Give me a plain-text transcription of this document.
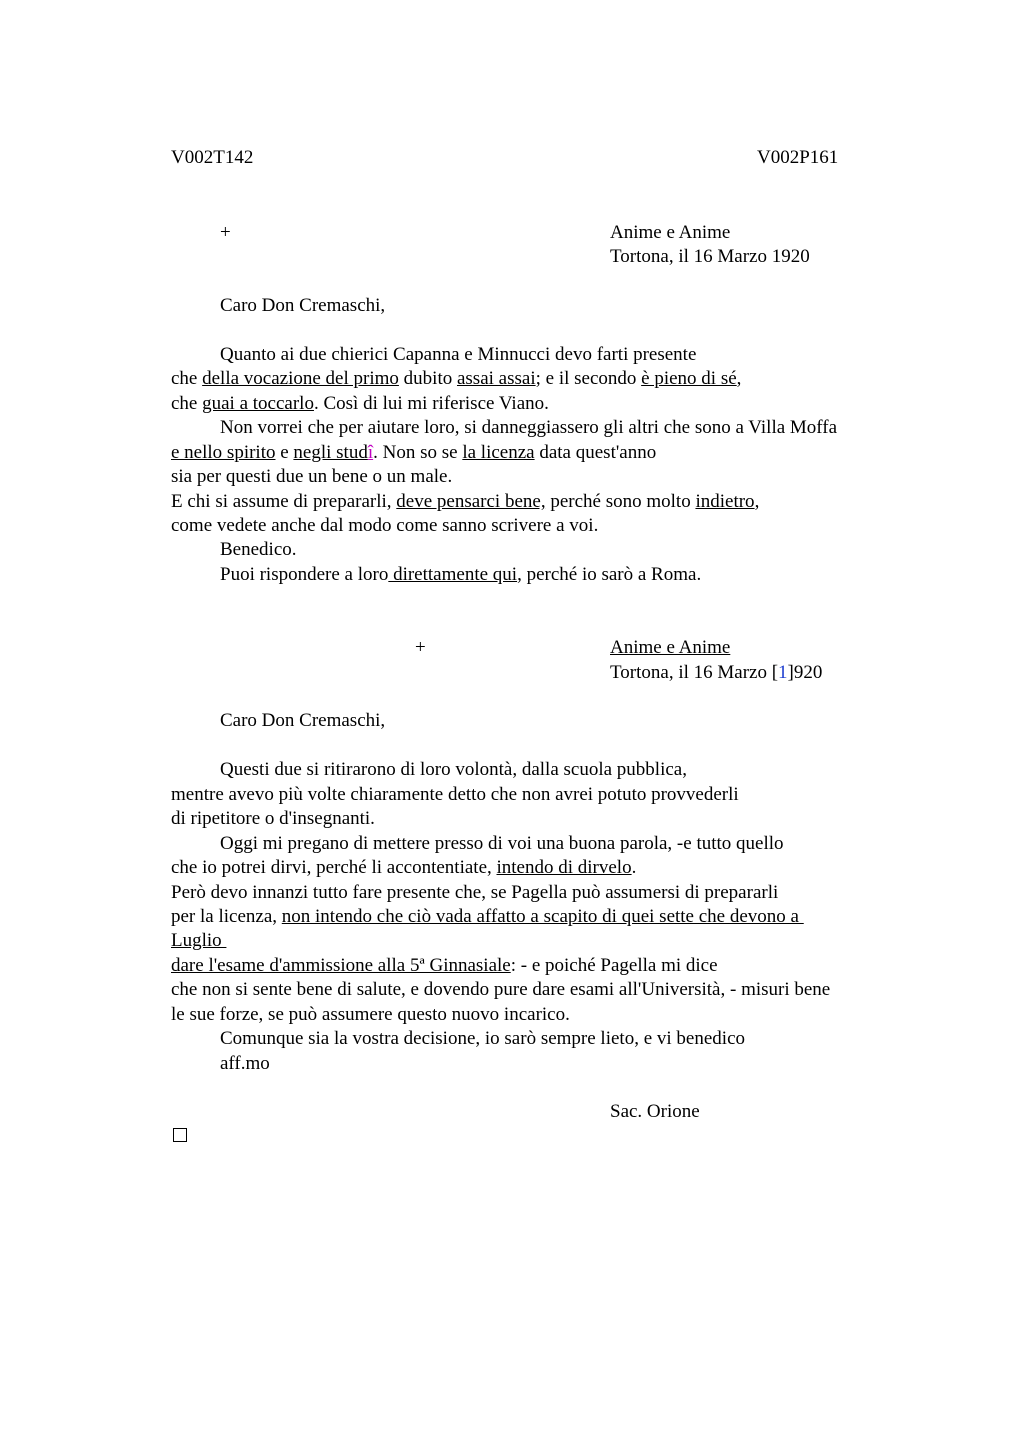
V002T142	V002P161
+	Anime e Anime
Tortona, il 16 Marzo 1920
Caro Don Cremaschi,
Quanto ai due chierici Capanna e Minnucci devo farti presente
che della vocazione del primo dubito assai assai; e il secondo è pieno di sé,
che guai a toccarlo. Così di lui mi riferisce Viano.
Non vorrei che per aiutare loro, si danneggiassero gli altri che sono a Villa Moffa
e nello spirito e negli studî. Non so se la licenza data quest'anno
sia per questi due un bene o un male.
E chi si assume di prepararli, deve pensarci bene, perché sono molto indietro,
come vedete anche dal modo come sanno scrivere a voi.
Benedico.
Puoi rispondere a loro direttamente qui, perché io sarò a Roma.
+	Anime e Anime
Tortona, il 16 Marzo [1]920
Caro Don Cremaschi,
Questi due si ritirarono di loro volontà, dalla scuola pubblica,
mentre avevo più volte chiaramente detto che non avrei potuto provvederli
di ripetitore o d'insegnanti.
Oggi mi pregano di mettere presso di voi una buona parola, -e tutto quello
che io potrei dirvi, perché li accontentiate, intendo di dirvelo.
Però devo innanzi tutto fare presente che, se Pagella può assumersi di prepararli
per la licenza, non intendo che ciò vada affatto a scapito di quei sette che devono a
Luglio
dare l'esame d'ammissione alla 5ª Ginnasiale: - e poiché Pagella mi dice
che non si sente bene di salute, e dovendo pure dare esami all'Università, - misuri bene
le sue forze, se può assumere questo nuovo incarico.
Comunque sia la vostra decisione, io sarò sempre lieto, e vi benedico
aff.mo
Sac. Orione
